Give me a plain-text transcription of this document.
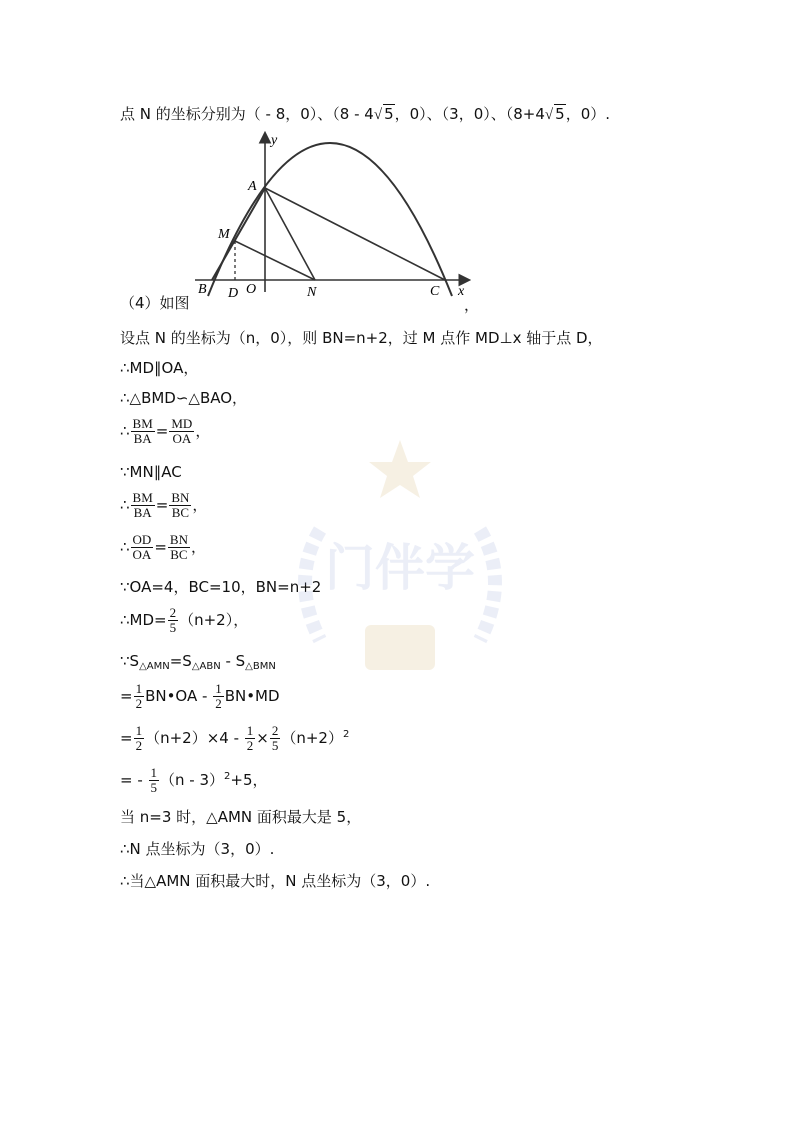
点 N 的坐标分别为（ - 8，0）、（8 - 4√ 5，0）、（3，0）、（8+4√ 5，0）.
y
x
A
M
B D O	N	C
（4）如图	，
设点 N 的坐标为（n，0），则 BN=n+2，过 M 点作 MD⊥x 轴于点 D，
∴MD∥OA，
∴△BMD∽△BAO，
∴ $\frac{BM}{BA} = \frac{MD}{OA}$ ，
∵MN∥AC
∴ $\frac{BM}{BA} = \frac{BN}{BC}$ ，
∴ $\frac{OD}{OA} = \frac{BN}{BC}$ ，
∵OA=4，BC=10，BN=n+2
∴MD= $\frac{2}{5} (n+2)$，
$\because S_{\triangle AMN}=S_{\triangle ABN} - S_{\triangle BMN}$
= $\frac{1}{2}$ BN•OA - $\frac{1}{2}$ BN•MD
= $\frac{1}{2} (n+2)\times 4 - \frac{1}{2} \times \frac{2}{5} (n+2)^2$
= - $\frac{1}{5} (n - 3)^2+5$，
当 n=3 时，△AMN 面积最大是 5，
∴N 点坐标为（3，0）.
∴当△AMN 面积最大时，N 点坐标为（3，0）.
门伴学
